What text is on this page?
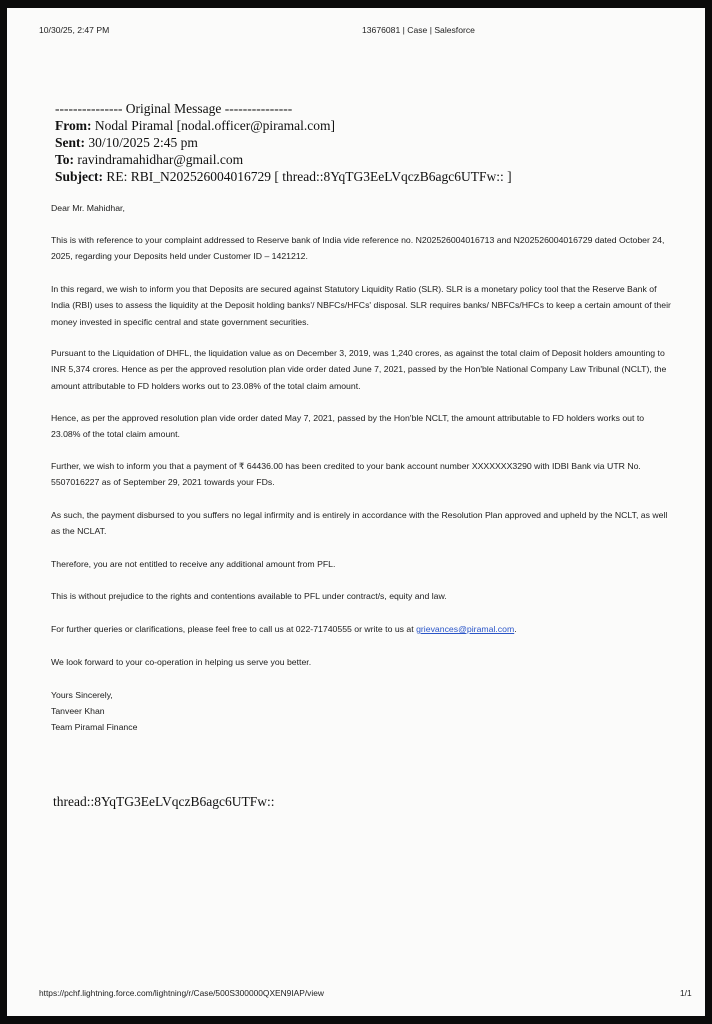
10/30/25, 2:47 PM	13676081 | Case | Salesforce
--------------- Original Message ---------------
From: Nodal Piramal [nodal.officer@piramal.com]
Sent: 30/10/2025 2:45 pm
To: ravindramahidhar@gmail.com
Subject: RE: RBI_N202526004016729 [ thread::8YqTG3EeLVqczB6agc6UTFw:: ]
Dear Mr. Mahidhar,
This is with reference to your complaint addressed to Reserve bank of India vide reference no. N202526004016713 and N202526004016729 dated October 24, 2025, regarding your Deposits held under Customer ID – 1421212.
In this regard, we wish to inform you that Deposits are secured against Statutory Liquidity Ratio (SLR). SLR is a monetary policy tool that the Reserve Bank of India (RBI) uses to assess the liquidity at the Deposit holding banks'/ NBFCs/HFCs' disposal. SLR requires banks/ NBFCs/HFCs to keep a certain amount of their money invested in specific central and state government securities.
Pursuant to the Liquidation of DHFL, the liquidation value as on December 3, 2019, was 1,240 crores, as against the total claim of Deposit holders amounting to INR 5,374 crores. Hence as per the approved resolution plan vide order dated June 7, 2021, passed by the Hon'ble National Company Law Tribunal (NCLT), the amount attributable to FD holders works out to 23.08% of the total claim amount.
Hence, as per the approved resolution plan vide order dated May 7, 2021, passed by the Hon'ble NCLT, the amount attributable to FD holders works out to 23.08% of the total claim amount.
Further, we wish to inform you that a payment of ₹ 64436.00 has been credited to your bank account number XXXXXXX3290 with IDBI Bank via UTR No. 5507016227 as of September 29, 2021 towards your FDs.
As such, the payment disbursed to you suffers no legal infirmity and is entirely in accordance with the Resolution Plan approved and upheld by the NCLT, as well as the NCLAT.
Therefore, you are not entitled to receive any additional amount from PFL.
This is without prejudice to the rights and contentions available to PFL under contract/s, equity and law.
For further queries or clarifications, please feel free to call us at 022-71740555 or write to us at grievances@piramal.com.
We look forward to your co-operation in helping us serve you better.
Yours Sincerely,
Tanveer Khan
Team Piramal Finance
thread::8YqTG3EeLVqczB6agc6UTFw::
https://pchf.lightning.force.com/lightning/r/Case/500S300000QXEN9IAP/view	1/1
